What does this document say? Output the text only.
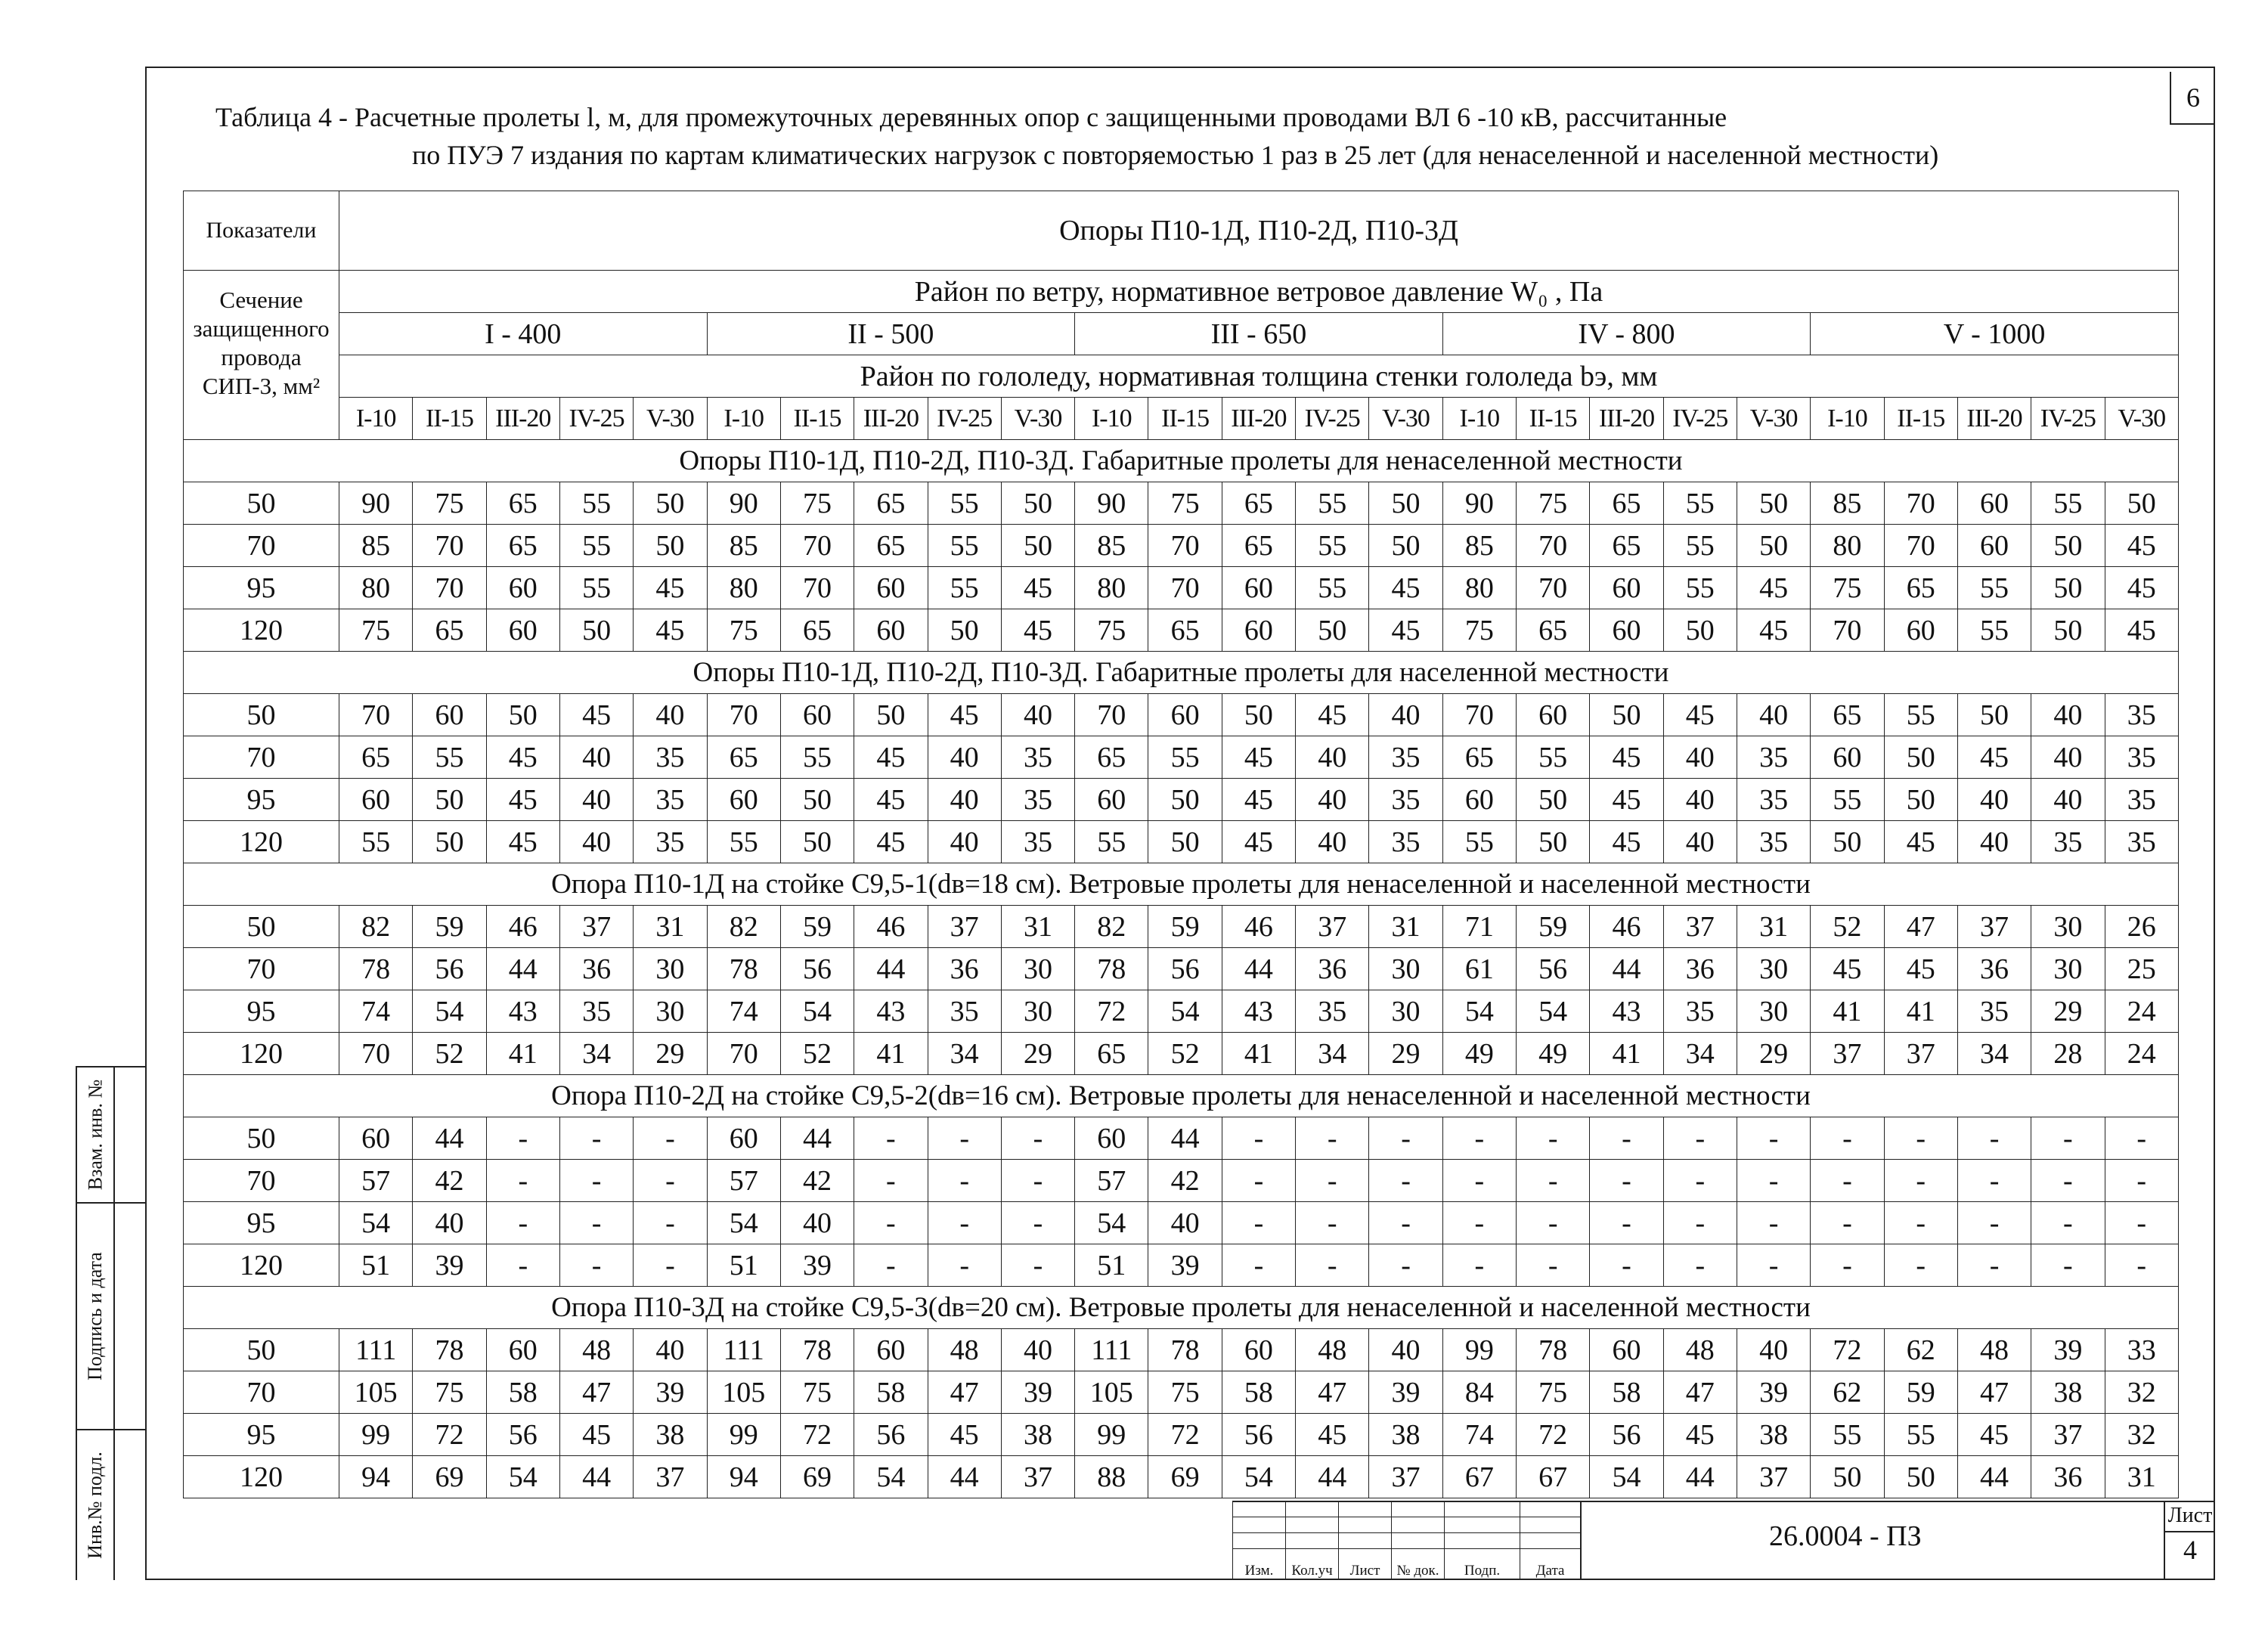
6
Таблица 4 - Расчетные пролеты l, м, для промежуточных деревянных опор с защищенными проводами ВЛ 6 -10 кВ, рассчитанные
по ПУЭ 7 издания по картам климатических нагрузок с повторяемостью 1 раз в 25 лет (для ненаселенной и населенной местности)
Показатели	Опоры П10-1Д, П10-2Д, П10-3Д																								
Сечение защищенного провода СИП-3, мм²	Район по ветру, нормативное ветровое давление W₀ , Па																								
	I - 400					II - 500					III - 650					IV - 800					V - 1000				
	Район по гололеду, нормативная толщина стенки гололеда bэ, мм																								
	I-10	II-15	III-20	IV-25	V-30	I-10	II-15	III-20	IV-25	V-30	I-10	II-15	III-20	IV-25	V-30	I-10	II-15	III-20	IV-25	V-30	I-10	II-15	III-20	IV-25	V-30
Опоры П10-1Д, П10-2Д, П10-3Д. Габаритные пролеты для ненаселенной местности																									
50	90	75	65	55	50	90	75	65	55	50	90	75	65	55	50	90	75	65	55	50	85	70	60	55	50
70	85	70	65	55	50	85	70	65	55	50	85	70	65	55	50	85	70	65	55	50	80	70	60	50	45
95	80	70	60	55	45	80	70	60	55	45	80	70	60	55	45	80	70	60	55	45	75	65	55	50	45
120	75	65	60	50	45	75	65	60	50	45	75	65	60	50	45	75	65	60	50	45	70	60	55	50	45
Опоры П10-1Д, П10-2Д, П10-3Д. Габаритные пролеты для населенной местности																									
50	70	60	50	45	40	70	60	50	45	40	70	60	50	45	40	70	60	50	45	40	65	55	50	40	35
70	65	55	45	40	35	65	55	45	40	35	65	55	45	40	35	65	55	45	40	35	60	50	45	40	35
95	60	50	45	40	35	60	50	45	40	35	60	50	45	40	35	60	50	45	40	35	55	50	40	40	35
120	55	50	45	40	35	55	50	45	40	35	55	50	45	40	35	55	50	45	40	35	50	45	40	35	35
Опора П10-1Д на стойке С9,5-1(dв=18 см). Ветровые пролеты для ненаселенной и населенной местности																									
50	82	59	46	37	31	82	59	46	37	31	82	59	46	37	31	71	59	46	37	31	52	47	37	30	26
70	78	56	44	36	30	78	56	44	36	30	78	56	44	36	30	61	56	44	36	30	45	45	36	30	25
95	74	54	43	35	30	74	54	43	35	30	72	54	43	35	30	54	54	43	35	30	41	41	35	29	24
120	70	52	41	34	29	70	52	41	34	29	65	52	41	34	29	49	49	41	34	29	37	37	34	28	24
Опора П10-2Д на стойке С9,5-2(dв=16 см). Ветровые пролеты для ненаселенной и населенной местности																									
50	60	44	-	-	-	60	44	-	-	-	60	44	-	-	-	-	-	-	-	-	-	-	-	-	-
70	57	42	-	-	-	57	42	-	-	-	57	42	-	-	-	-	-	-	-	-	-	-	-	-	-
95	54	40	-	-	-	54	40	-	-	-	54	40	-	-	-	-	-	-	-	-	-	-	-	-	-
120	51	39	-	-	-	51	39	-	-	-	51	39	-	-	-	-	-	-	-	-	-	-	-	-	-
Опора П10-3Д на стойке С9,5-3(dв=20 см). Ветровые пролеты для ненаселенной и населенной местности																									
50	111	78	60	48	40	111	78	60	48	40	111	78	60	48	40	99	78	60	48	40	72	62	48	39	33
70	105	75	58	47	39	105	75	58	47	39	105	75	58	47	39	84	75	58	47	39	62	59	47	38	32
95	99	72	56	45	38	99	72	56	45	38	99	72	56	45	38	74	72	56	45	38	55	55	45	37	32
120	94	69	54	44	37	94	69	54	44	37	88	69	54	44	37	67	67	54	44	37	50	50	44	36	31
Взам. инв. №
Подпись и дата
Инв.№ подл.

Изм.	Кол.уч	Лист	№ док.	Подп.	Дата
26.0004 - ПЗ
Лист
4
